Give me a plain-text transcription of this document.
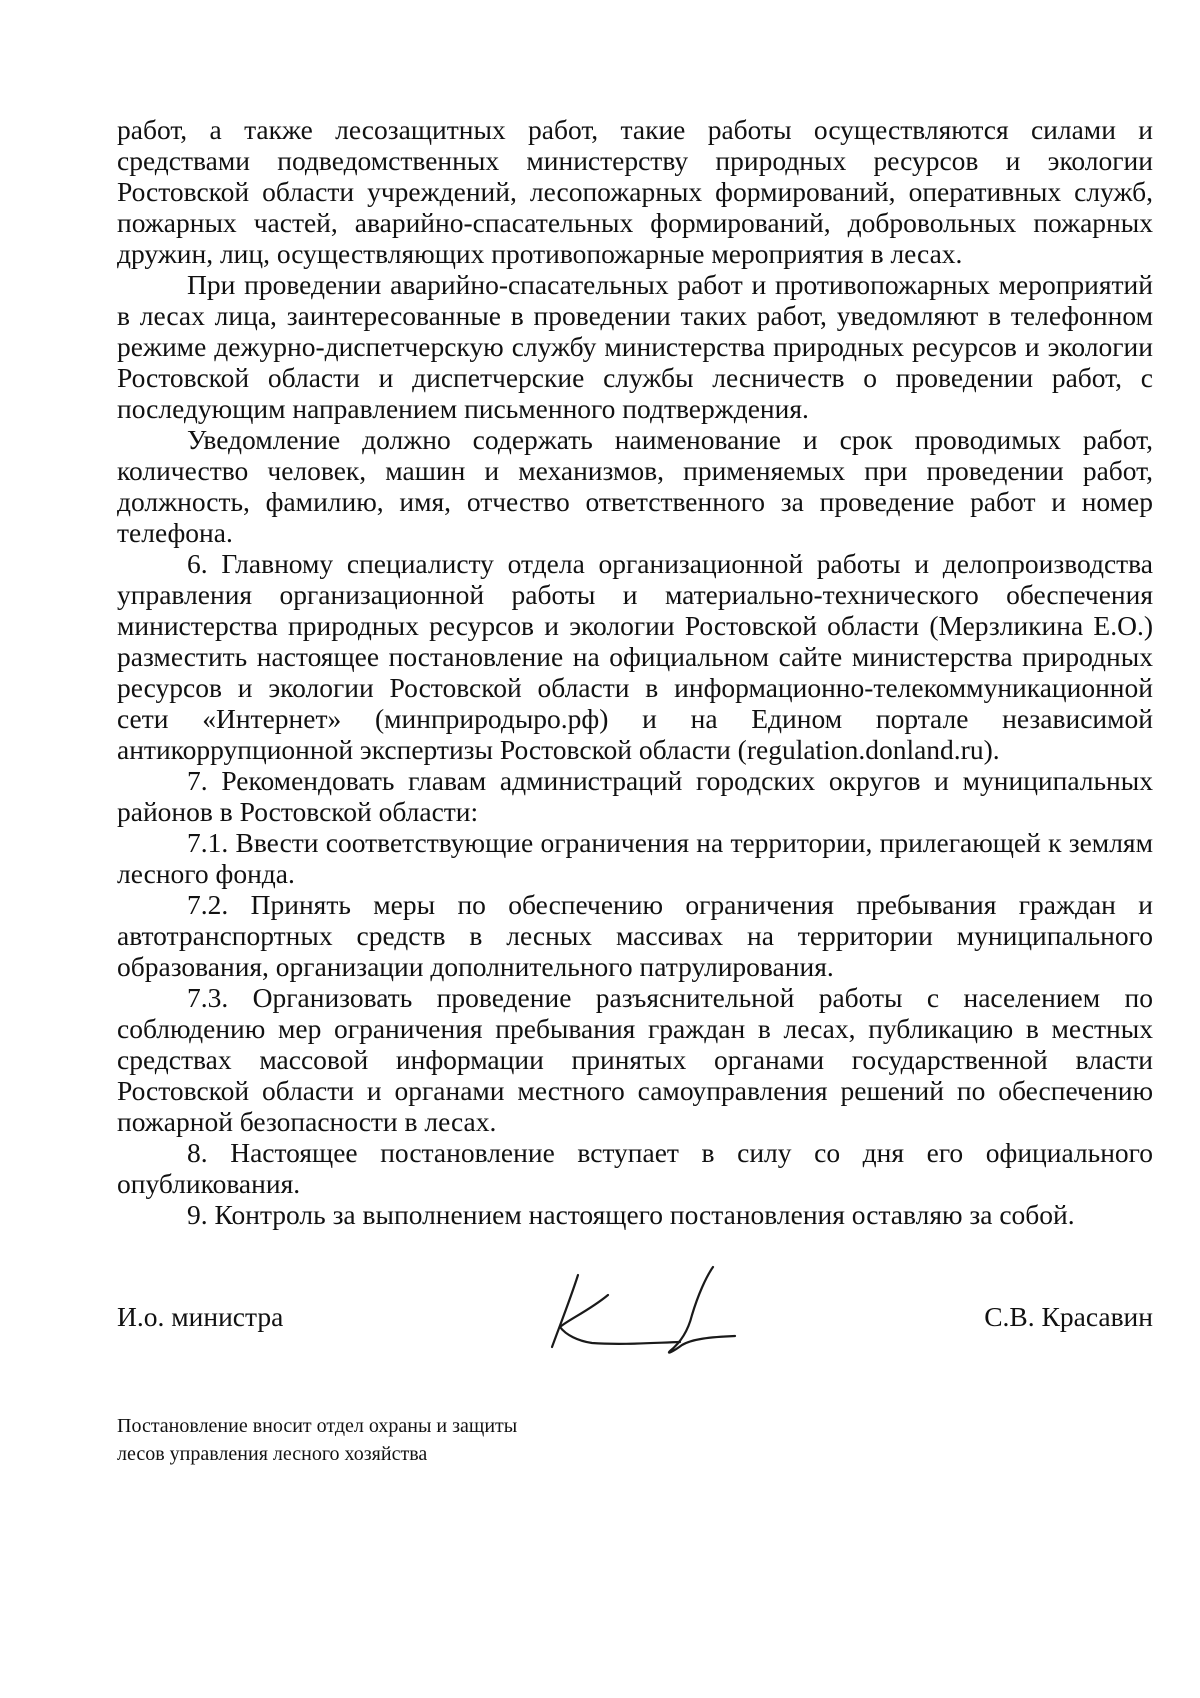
работ, а также лесозащитных работ, такие работы осуществляются силами и средствами подведомственных министерству природных ресурсов и экологии Ростовской области учреждений, лесопожарных формирований, оперативных служб, пожарных частей, аварийно-спасательных формирований, добровольных пожарных дружин, лиц, осуществляющих противопожарные мероприятия в лесах.

При проведении аварийно-спасательных работ и противопожарных мероприятий в лесах лица, заинтересованные в проведении таких работ, уведомляют в телефонном режиме дежурно-диспетчерскую службу министерства природных ресурсов и экологии Ростовской области и диспетчерские службы лесничеств о проведении работ, с последующим направлением письменного подтверждения.

Уведомление должно содержать наименование и срок проводимых работ, количество человек, машин и механизмов, применяемых при проведении работ, должность, фамилию, имя, отчество ответственного за проведение работ и номер телефона.

6. Главному специалисту отдела организационной работы и делопроизводства управления организационной работы и материально-технического обеспечения министерства природных ресурсов и экологии Ростовской области (Мерзликина Е.О.) разместить настоящее постановление на официальном сайте министерства природных ресурсов и экологии Ростовской области в информационно-телекоммуникационной сети «Интернет» (минприродыро.рф) и на Едином портале независимой антикоррупционной экспертизы Ростовской области (regulation.donland.ru).

7. Рекомендовать главам администраций городских округов и муниципальных районов в Ростовской области:

7.1. Ввести соответствующие ограничения на территории, прилегающей к землям лесного фонда.

7.2. Принять меры по обеспечению ограничения пребывания граждан и автотранспортных средств в лесных массивах на территории муниципального образования, организации дополнительного патрулирования.

7.3. Организовать проведение разъяснительной работы с населением по соблюдению мер ограничения пребывания граждан в лесах, публикацию в местных средствах массовой информации принятых органами государственной власти Ростовской области и органами местного самоуправления решений по обеспечению пожарной безопасности в лесах.

8. Настоящее постановление вступает в силу со дня его официального опубликования.

9. Контроль за выполнением настоящего постановления оставляю за собой.

И.о. министра	С.В. Красавин
Постановление вносит отдел охраны и защиты
лесов управления лесного хозяйства
